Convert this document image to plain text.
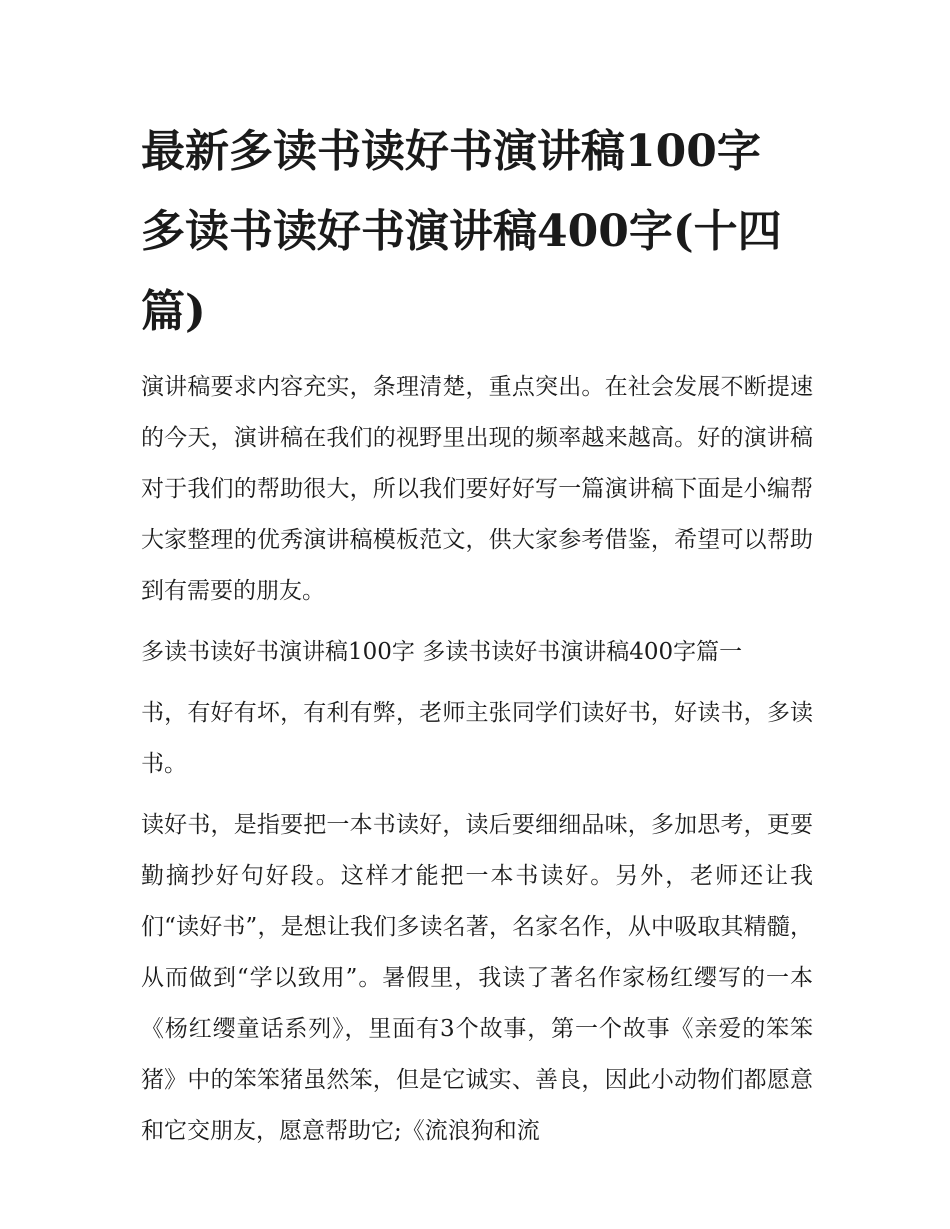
最新多读书读好书演讲稿100字 多读书读好书演讲稿400字(十四篇)

演讲稿要求内容充实，条理清楚，重点突出。在社会发展不断提速的今天，演讲稿在我们的视野里出现的频率越来越高。好的演讲稿对于我们的帮助很大，所以我们要好好写一篇演讲稿下面是小编帮大家整理的优秀演讲稿模板范文，供大家参考借鉴，希望可以帮助到有需要的朋友。

多读书读好书演讲稿100字 多读书读好书演讲稿400字篇一

书，有好有坏，有利有弊，老师主张同学们读好书，好读书，多读书。

读好书，是指要把一本书读好，读后要细细品味，多加思考，更要勤摘抄好句好段。这样才能把一本书读好。另外，老师还让我们“读好书”，是想让我们多读名著，名家名作，从中吸取其精髓，从而做到“学以致用”。暑假里，我读了著名作家杨红缨写的一本《杨红缨童话系列》，里面有3个故事，第一个故事《亲爱的笨笨猪》中的笨笨猪虽然笨，但是它诚实、善良，因此小动物们都愿意和它交朋友，愿意帮助它;《流浪狗和流
